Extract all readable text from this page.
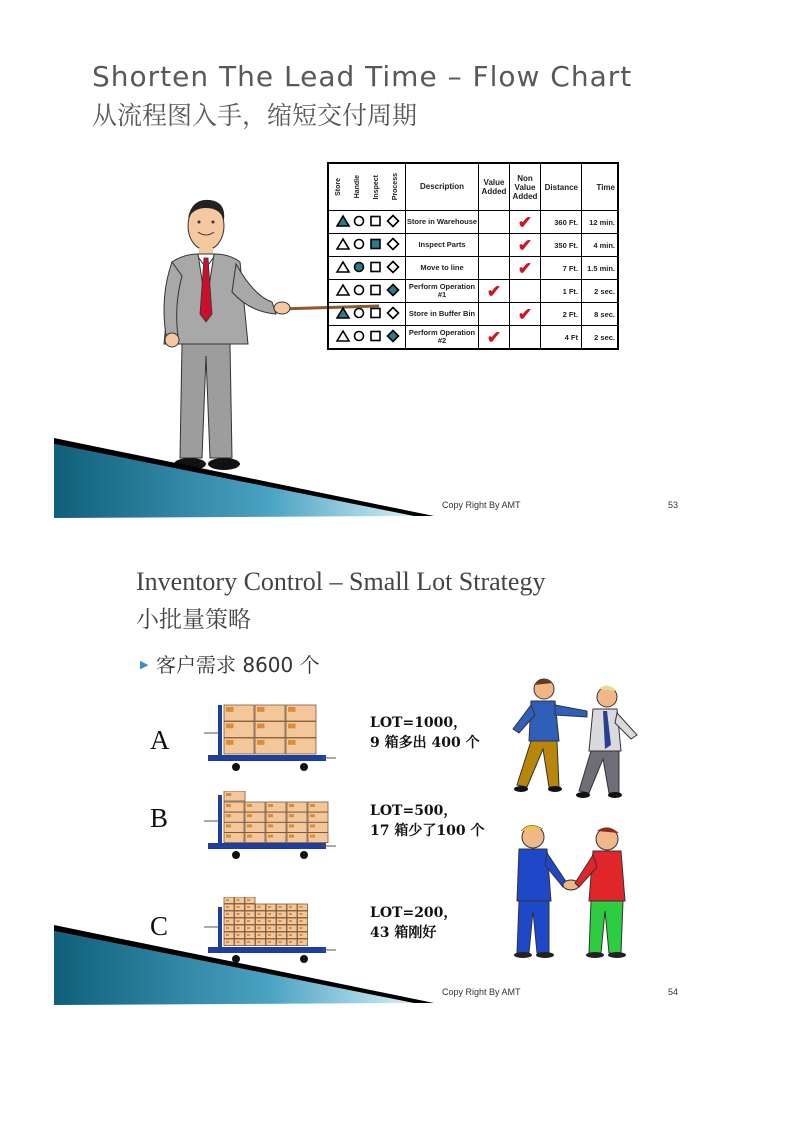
Shorten The Lead Time – Flow Chart
从流程图入手，缩短交付周期
Store Handle Inspect Process	Description	Value Added	Non Value Added	Distance	Time
	Store in Warehouse		✔	360 Ft.	12 min.
	Inspect Parts		✔	350 Ft.	4 min.
	Move to line		✔	7 Ft.	1.5 min.
	Perform Operation #1	✔		1 Ft.	2 sec.
	Store in Buffer Bin		✔	2 Ft.	8 sec.
	Perform Operation #2	✔		4 Ft	2 sec.
Copy Right By AMT	53
Inventory Control – Small Lot Strategy
小批量策略
▶ 客户需求 8600 个
A
LOT=1000，
9 箱多出 400 个
B	LOT=500，
17 箱少了100 个
C	LOT=200，
43 箱刚好
Copy Right By AMT	54
